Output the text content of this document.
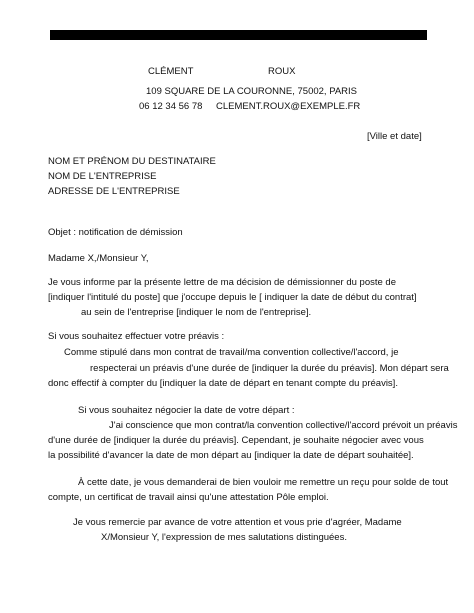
CLÉMENT	ROUX
109 SQUARE DE LA COURONNE, 75002, PARIS
06 12 34 56 78 CLEMENT.ROUX@EXEMPLE.FR
[Ville et date]
NOM ET PRÉNOM DU DESTINATAIRE
NOM DE L'ENTREPRISE
ADRESSE DE L'ENTREPRISE
Objet : notification de démission
Madame X,/Monsieur Y,
Je vous informe par la présente lettre de ma décision de démissionner du poste de
[indiquer l'intitulé du poste] que j'occupe depuis le [ indiquer la date de début du contrat]
au sein de l'entreprise [indiquer le nom de l'entreprise].
Si vous souhaitez effectuer votre préavis :
Comme stipulé dans mon contrat de travail/ma convention collective/l'accord, je
respecterai un préavis d'une durée de [indiquer la durée du préavis]. Mon départ sera
donc effectif à compter du [indiquer la date de départ en tenant compte du préavis].
Si vous souhaitez négocier la date de votre départ :
J'ai conscience que mon contrat/la convention collective/l'accord prévoit un préavis
d'une durée de [indiquer la durée du préavis]. Cependant, je souhaite négocier avec vous
la possibilité d'avancer la date de mon départ au [indiquer la date de départ souhaitée].
À cette date, je vous demanderai de bien vouloir me remettre un reçu pour solde de tout
compte, un certificat de travail ainsi qu'une attestation Pôle emploi.
Je vous remercie par avance de votre attention et vous prie d'agréer, Madame
X/Monsieur Y, l'expression de mes salutations distinguées.
